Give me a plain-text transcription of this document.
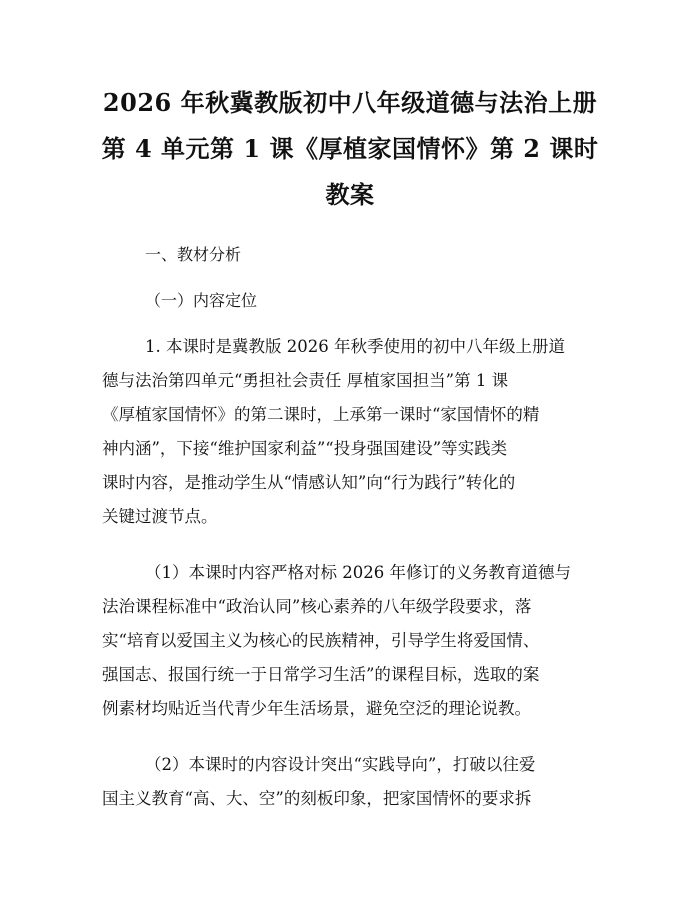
2026 年秋冀教版初中八年级道德与法治上册
第 4 单元第 1 课《厚植家国情怀》第 2 课时
教案
一、教材分析
（一）内容定位
1. 本课时是冀教版 2026 年秋季使用的初中八年级上册道
德与法治第四单元“勇担社会责任 厚植家国担当”第 1 课
《厚植家国情怀》的第二课时，上承第一课时“家国情怀的精
神内涵”，下接“维护国家利益”“投身强国建设”等实践类
课时内容，是推动学生从“情感认知”向“行为践行”转化的
关键过渡节点。
（1）本课时内容严格对标 2026 年修订的义务教育道德与
法治课程标准中“政治认同”核心素养的八年级学段要求，落
实“培育以爱国主义为核心的民族精神，引导学生将爱国情、
强国志、报国行统一于日常学习生活”的课程目标，选取的案
例素材均贴近当代青少年生活场景，避免空泛的理论说教。
（2）本课时的内容设计突出“实践导向”，打破以往爱
国主义教育“高、大、空”的刻板印象，把家国情怀的要求拆
